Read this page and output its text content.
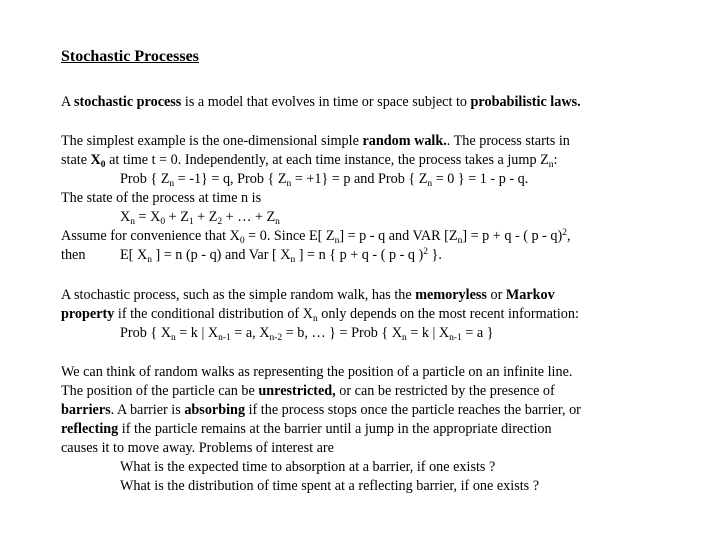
Stochastic Processes
A stochastic process is a model that evolves in time or space subject to probabilistic laws.
The simplest example is the one-dimensional simple random walk.. The process starts in
state $X_0$ at time t = 0. Independently, at each time instance, the process takes a jump $Z_n$:
Prob { $Z_n = -1\} = q$, Prob { $Z_n = +1\} = p$ and Prob { $Z_n = 0$ } = 1 - p - q.
The state of the process at time n is
$X_n = X_0 + Z_1 + Z_2$ + … + $Z_n$
Assume for convenience that $X_0 = 0$. Since E[ $Z_n] = p - q$ and VAR $[Z_n] = p + q$ - ( p - q)$^2$,
then	E[ $X_n$ ] = n (p - q) and Var [ $X_n$ ] = n { p + q - ( p - q )$^2$ }.
A stochastic process, such as the simple random walk, has the memoryless or Markov
property if the conditional distribution of $X_n$ only depends on the most recent information:
Prob { $X_n = k$ | $X_{n-1} = a$, $X_{n-2} = b$, … } = Prob { $X_n = k$ | $X_{n-1} = a$ }
We can think of random walks as representing the position of a particle on an infinite line.
The position of the particle can be unrestricted, or can be restricted by the presence of
barriers. A barrier is absorbing if the process stops once the particle reaches the barrier, or
reflecting if the particle remains at the barrier until a jump in the appropriate direction
causes it to move away. Problems of interest are
What is the expected time to absorption at a barrier, if one exists ?
What is the distribution of time spent at a reflecting barrier, if one exists ?
